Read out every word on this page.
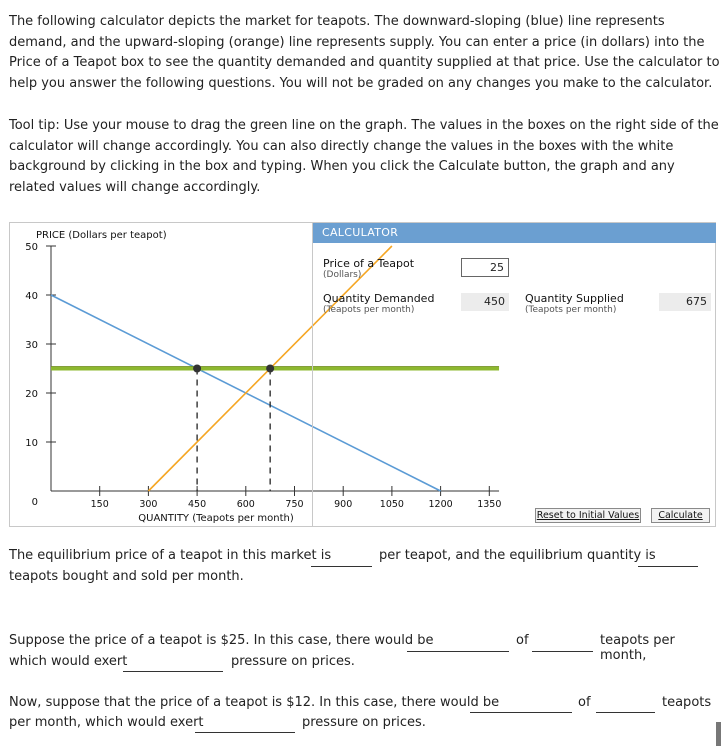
The following calculator depicts the market for teapots. The downward-sloping (blue) line represents demand, and the upward-sloping (orange) line represents supply. You can enter a price (in dollars) into the Price of a Teapot box to see the quantity demanded and quantity supplied at that price. Use the calculator to help you answer the following questions. You will not be graded on any changes you make to the calculator.

Tool tip: Use your mouse to drag the green line on the graph. The values in the boxes on the right side of the calculator will change accordingly. You can also directly change the values in the boxes with the white background by clicking in the box and typing. When you click the Calculate button, the graph and any related values will change accordingly.

10
20
30
40
50
0	150	300	450	600	750	900	1050	1200	1350
PRICE (Dollars per teapot)
QUANTITY (Teapots per month)
CALCULATOR
Price of a Teapot
(Dollars)
25
Quantity Demanded
(Teapots per month)
450	Quantity Supplied
(Teapots per month)
675
Reset to Initial Values	Calculate
The equilibrium price of a teapot in this market is	per teapot, and the equilibrium quantity is
teapots bought and sold per month.
Suppose the price of a teapot is $25. In this case, there would be	of	teapots per month,
which would exert	pressure on prices.
Now, suppose that the price of a teapot is $12. In this case, there would be	of	teapots
per month, which would exert	pressure on prices.
